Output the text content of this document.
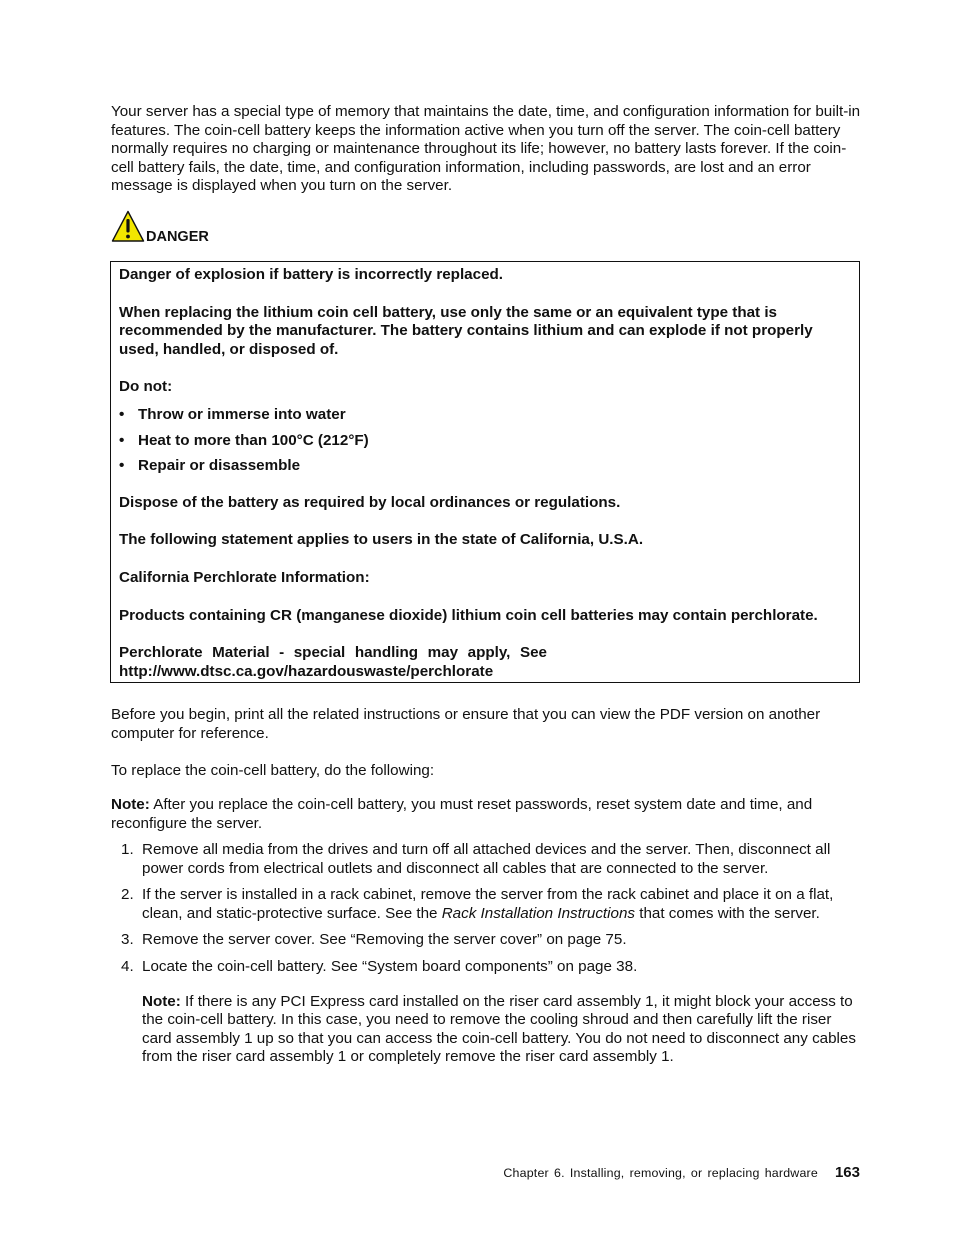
Your server has a special type of memory that maintains the date, time, and configuration information for built-in features. The coin-cell battery keeps the information active when you turn off the server. The coin-cell battery normally requires no charging or maintenance throughout its life; however, no battery lasts forever. If the coin-cell battery fails, the date, time, and configuration information, including passwords, are lost and an error message is displayed when you turn on the server.

DANGER

Danger of explosion if battery is incorrectly replaced.

When replacing the lithium coin cell battery, use only the same or an equivalent type that is recommended by the manufacturer. The battery contains lithium and can explode if not properly used, handled, or disposed of.

Do not:

• Throw or immerse into water
• Heat to more than 100°C (212°F)
• Repair or disassemble

Dispose of the battery as required by local ordinances or regulations.

The following statement applies to users in the state of California, U.S.A.

California Perchlorate Information:

Products containing CR (manganese dioxide) lithium coin cell batteries may contain perchlorate.

Perchlorate Material - special handling may apply, See
http://www.dtsc.ca.gov/hazardouswaste/perchlorate

Before you begin, print all the related instructions or ensure that you can view the PDF version on another computer for reference.

To replace the coin-cell battery, do the following:

Note: After you replace the coin-cell battery, you must reset passwords, reset system date and time, and reconfigure the server.

1. Remove all media from the drives and turn off all attached devices and the server. Then, disconnect all power cords from electrical outlets and disconnect all cables that are connected to the server.
2. If the server is installed in a rack cabinet, remove the server from the rack cabinet and place it on a flat, clean, and static-protective surface. See the Rack Installation Instructions that comes with the server.
3. Remove the server cover. See “Removing the server cover” on page 75.
4. Locate the coin-cell battery. See “System board components” on page 38.

Note: If there is any PCI Express card installed on the riser card assembly 1, it might block your access to the coin-cell battery. In this case, you need to remove the cooling shroud and then carefully lift the riser card assembly 1 up so that you can access the coin-cell battery. You do not need to disconnect any cables from the riser card assembly 1 or completely remove the riser card assembly 1.

Chapter 6. Installing, removing, or replacing hardware 163
